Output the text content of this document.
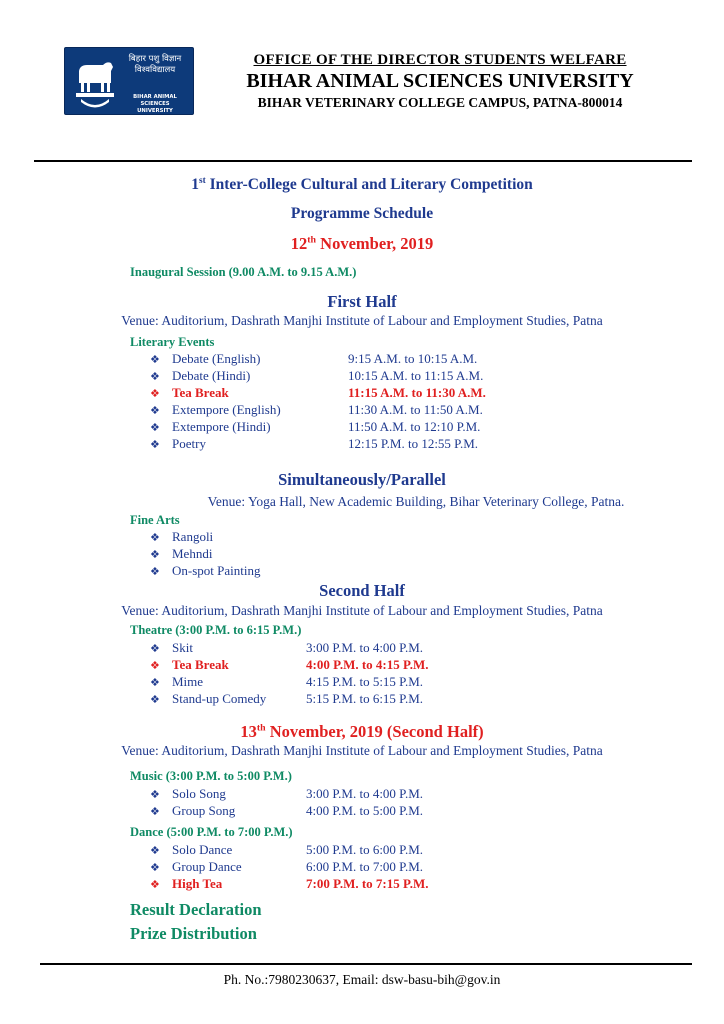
बिहार पशु विज्ञान
विश्वविद्यालय
BIHAR ANIMAL SCIENCES
UNIVERSITY
OFFICE OF THE DIRECTOR STUDENTS WELFARE
BIHAR ANIMAL SCIENCES UNIVERSITY
BIHAR VETERINARY COLLEGE CAMPUS, PATNA-800014
1st Inter-College Cultural and Literary Competition
Programme Schedule
12th November, 2019
Inaugural Session (9.00 A.M. to 9.15 A.M.)
First Half
Venue: Auditorium, Dashrath Manjhi Institute of Labour and Employment Studies, Patna
Literary Events
❖ Debate (English)	9:15 A.M. to 10:15 A.M.
❖ Debate (Hindi)	10:15 A.M. to 11:15 A.M.
❖ Tea Break	11:15 A.M. to 11:30 A.M.
❖ Extempore (English)	11:30 A.M. to 11:50 A.M.
❖ Extempore (Hindi)	11:50 A.M. to 12:10 P.M.
❖ Poetry	12:15 P.M. to 12:55 P.M.
Simultaneously/Parallel
Venue: Yoga Hall, New Academic Building, Bihar Veterinary College, Patna.
Fine Arts
❖ Rangoli
❖ Mehndi
❖ On-spot Painting
Second Half
Venue: Auditorium, Dashrath Manjhi Institute of Labour and Employment Studies, Patna
Theatre (3:00 P.M. to 6:15 P.M.)
❖ Skit	3:00 P.M. to 4:00 P.M.
❖ Tea Break	4:00 P.M. to 4:15 P.M.
❖ Mime	4:15 P.M. to 5:15 P.M.
❖ Stand-up Comedy	5:15 P.M. to 6:15 P.M.
13th November, 2019 (Second Half)
Venue: Auditorium, Dashrath Manjhi Institute of Labour and Employment Studies, Patna
Music (3:00 P.M. to 5:00 P.M.)
❖ Solo Song	3:00 P.M. to 4:00 P.M.
❖ Group Song	4:00 P.M. to 5:00 P.M.
Dance (5:00 P.M. to 7:00 P.M.)
❖ Solo Dance	5:00 P.M. to 6:00 P.M.
❖ Group Dance	6:00 P.M. to 7:00 P.M.
❖ High Tea	7:00 P.M. to 7:15 P.M.
Result Declaration
Prize Distribution
Ph. No.:7980230637, Email: dsw-basu-bih@gov.in
